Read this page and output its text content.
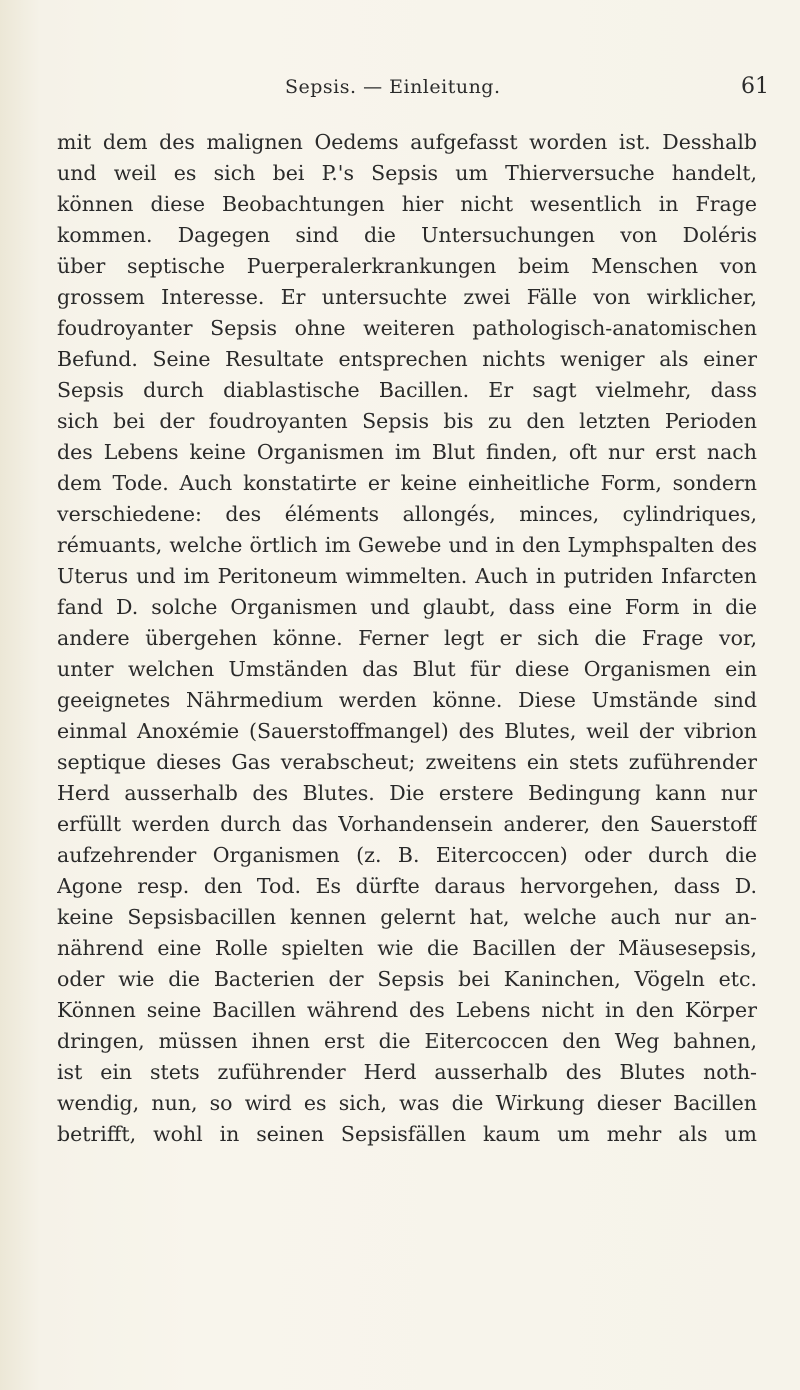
Sepsis. — Einleitung.	61
mit dem des malignen Oedems aufgefasst worden ist. Desshalb
und weil es sich bei P.'s Sepsis um Thierversuche handelt,
können diese Beobachtungen hier nicht wesentlich in Frage
kommen. Dagegen sind die Untersuchungen von Doléris
über septische Puerperalerkrankungen beim Menschen von
grossem Interesse. Er untersuchte zwei Fälle von wirklicher,
foudroyanter Sepsis ohne weiteren pathologisch-anatomischen
Befund. Seine Resultate entsprechen nichts weniger als einer
Sepsis durch diablastische Bacillen. Er sagt vielmehr, dass
sich bei der foudroyanten Sepsis bis zu den letzten Perioden
des Lebens keine Organismen im Blut finden, oft nur erst nach
dem Tode. Auch konstatirte er keine einheitliche Form, sondern
verschiedene: des éléments allongés, minces, cylindriques,
rémuants, welche örtlich im Gewebe und in den Lymphspalten des
Uterus und im Peritoneum wimmelten. Auch in putriden Infarcten
fand D. solche Organismen und glaubt, dass eine Form in die
andere übergehen könne. Ferner legt er sich die Frage vor,
unter welchen Umständen das Blut für diese Organismen ein
geeignetes Nährmedium werden könne. Diese Umstände sind
einmal Anoxémie (Sauerstoffmangel) des Blutes, weil der vibrion
septique dieses Gas verabscheut; zweitens ein stets zuführender
Herd ausserhalb des Blutes. Die erstere Bedingung kann nur
erfüllt werden durch das Vorhandensein anderer, den Sauerstoff
aufzehrender Organismen (z. B. Eitercoccen) oder durch die
Agone resp. den Tod. Es dürfte daraus hervorgehen, dass D.
keine Sepsisbacillen kennen gelernt hat, welche auch nur an-
nährend eine Rolle spielten wie die Bacillen der Mäusesepsis,
oder wie die Bacterien der Sepsis bei Kaninchen, Vögeln etc.
Können seine Bacillen während des Lebens nicht in den Körper
dringen, müssen ihnen erst die Eitercoccen den Weg bahnen,
ist ein stets zuführender Herd ausserhalb des Blutes noth-
wendig, nun, so wird es sich, was die Wirkung dieser Bacillen
betrifft, wohl in seinen Sepsisfällen kaum um mehr als um
